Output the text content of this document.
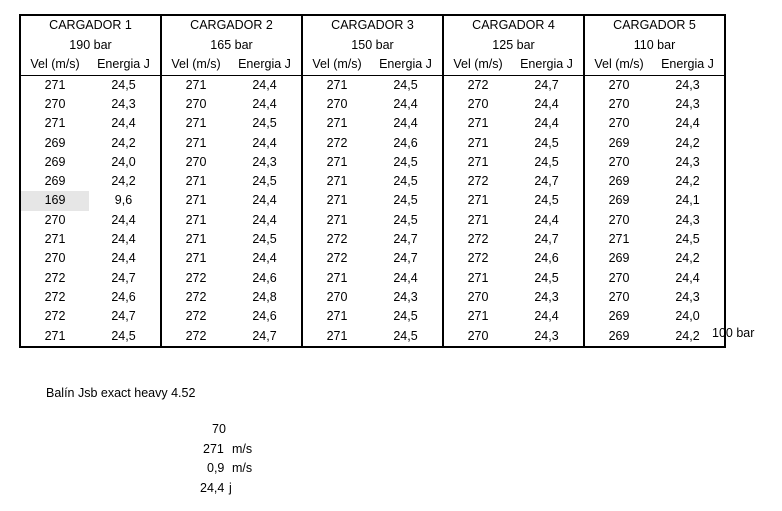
CARGADOR 1		CARGADOR 2		CARGADOR 3		CARGADOR 4		CARGADOR 5	
190 bar		165 bar		150 bar		125 bar		110 bar	
Vel (m/s)	Energia J	Vel (m/s)	Energia J	Vel (m/s)	Energia J	Vel (m/s)	Energia J	Vel (m/s)	Energia J
271	24,5	271	24,4	271	24,5	272	24,7	270	24,3
270	24,3	270	24,4	270	24,4	270	24,4	270	24,3
271	24,4	271	24,5	271	24,4	271	24,4	270	24,4
269	24,2	271	24,4	272	24,6	271	24,5	269	24,2
269	24,0	270	24,3	271	24,5	271	24,5	270	24,3
269	24,2	271	24,5	271	24,5	272	24,7	269	24,2
169	9,6	271	24,4	271	24,5	271	24,5	269	24,1
270	24,4	271	24,4	271	24,5	271	24,4	270	24,3
271	24,4	271	24,5	272	24,7	272	24,7	271	24,5
270	24,4	271	24,4	272	24,7	272	24,6	269	24,2
272	24,7	272	24,6	271	24,4	271	24,5	270	24,4
272	24,6	272	24,8	270	24,3	270	24,3	270	24,3
272	24,7	272	24,6	271	24,5	271	24,4	269	24,0
271	24,5	272	24,7	271	24,5	270	24,3	269	24,2 100 bar
Balín Jsb exact heavy 4.52
70
271 m/s
0,9 m/s
24,4 j
